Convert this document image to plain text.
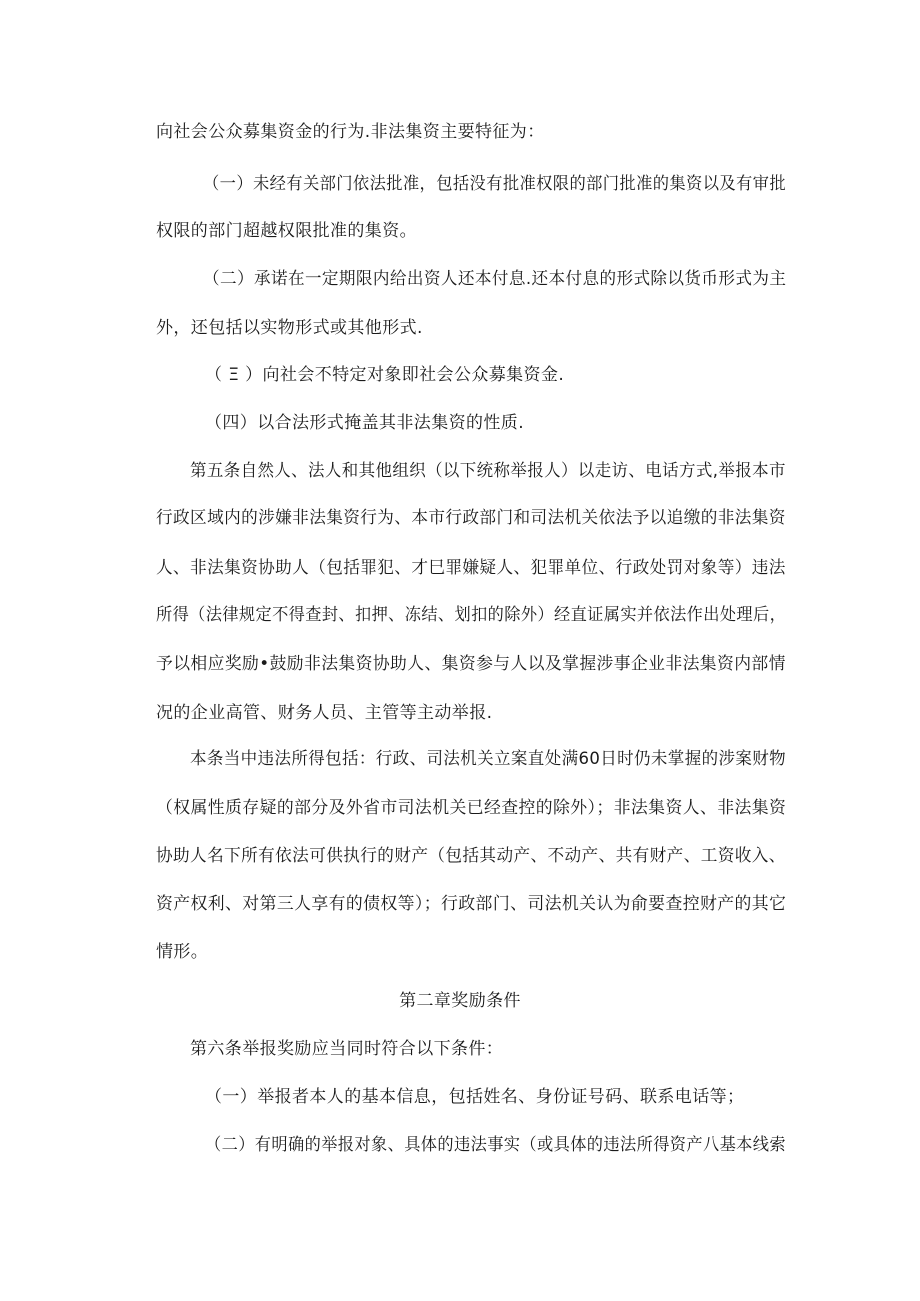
向社会公众募集资金的行为.非法集资主要特征为：
（一）未经有关部门依法批准，包括没有批准权限的部门批准的集资以及有审批
权限的部门超越权限批准的集资。
（二）承诺在一定期限内给出资人还本付息.还本付息的形式除以货币形式为主
外，还包括以实物形式或其他形式.
（ Ξ ）向社会不特定对象即社会公众募集资金.
（四）以合法形式掩盖其非法集资的性质.
第五条自然人、法人和其他组织（以下统称举报人）以走访、电话方式,举报本市
行政区域内的涉嫌非法集资行为、本市行政部门和司法机关依法予以追缴的非法集资
人、非法集资协助人（包括罪犯、才巳罪嫌疑人、犯罪单位、行政处罚对象等）违法
所得（法律规定不得查封、扣押、冻结、划扣的除外）经直证属实并依法作出处理后，
予以相应奖励•鼓励非法集资协助人、集资参与人以及掌握涉事企业非法集资内部情
况的企业高管、财务人员、主管等主动举报.
本条当中违法所得包括：行政、司法机关立案直处满60日时仍未掌握的涉案财物
（权属性质存疑的部分及外省市司法机关已经查控的除外）；非法集资人、非法集资
协助人名下所有依法可供执行的财产（包括其动产、不动产、共有财产、工资收入、
资产权利、对第三人享有的债权等）；行政部门、司法机关认为俞要查控财产的其它
情形。
第二章奖励条件
第六条举报奖励应当同时符合以下条件：
（一）举报者本人的基本信息，包括姓名、身份证号码、联系电话等；
（二）有明确的举报对象、具体的违法事实（或具体的违法所得资产八基本线索
